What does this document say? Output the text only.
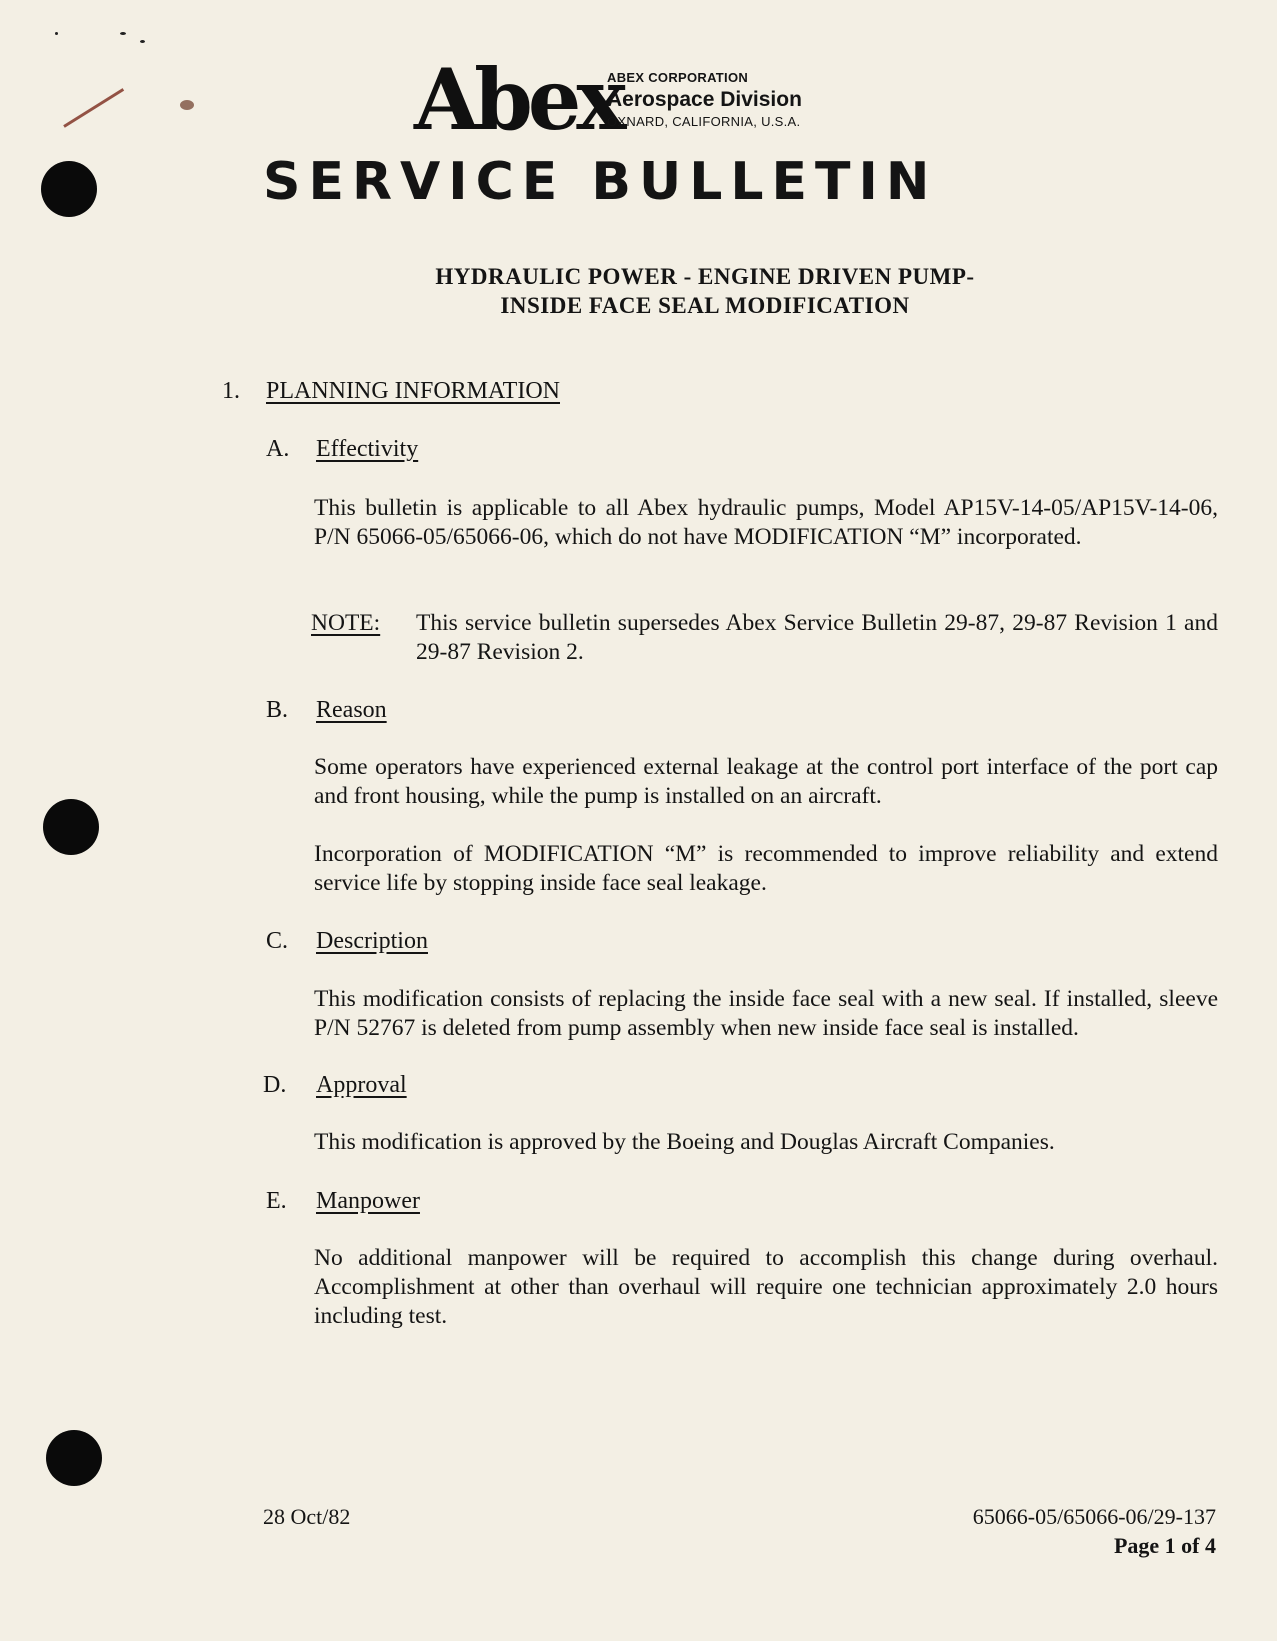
Abex
ABEX CORPORATION
Aerospace Division
OXNARD, CALIFORNIA, U.S.A.
SERVICE BULLETIN
HYDRAULIC POWER - ENGINE DRIVEN PUMP-
INSIDE FACE SEAL MODIFICATION
1. PLANNING INFORMATION
A. Effectivity
This bulletin is applicable to all Abex hydraulic pumps, Model AP15V-14-05/AP15V-14-06, P/N 65066-05/65066-06, which do not have MODIFICATION “M” incorporated.
NOTE: This service bulletin supersedes Abex Service Bulletin 29-87, 29-87 Revision 1 and 29-87 Revision 2.
B. Reason
Some operators have experienced external leakage at the control port interface of the port cap and front housing, while the pump is installed on an aircraft.
Incorporation of MODIFICATION “M” is recommended to improve reliability and extend service life by stopping inside face seal leakage.
C. Description
This modification consists of replacing the inside face seal with a new seal. If installed, sleeve P/N 52767 is deleted from pump assembly when new inside face seal is installed.
D. Approval
This modification is approved by the Boeing and Douglas Aircraft Companies.
E. Manpower
No additional manpower will be required to accomplish this change during overhaul. Accomplishment at other than overhaul will require one technician approximately 2.0 hours including test.
28 Oct/82	65066-05/65066-06/29-137
Page 1 of 4
